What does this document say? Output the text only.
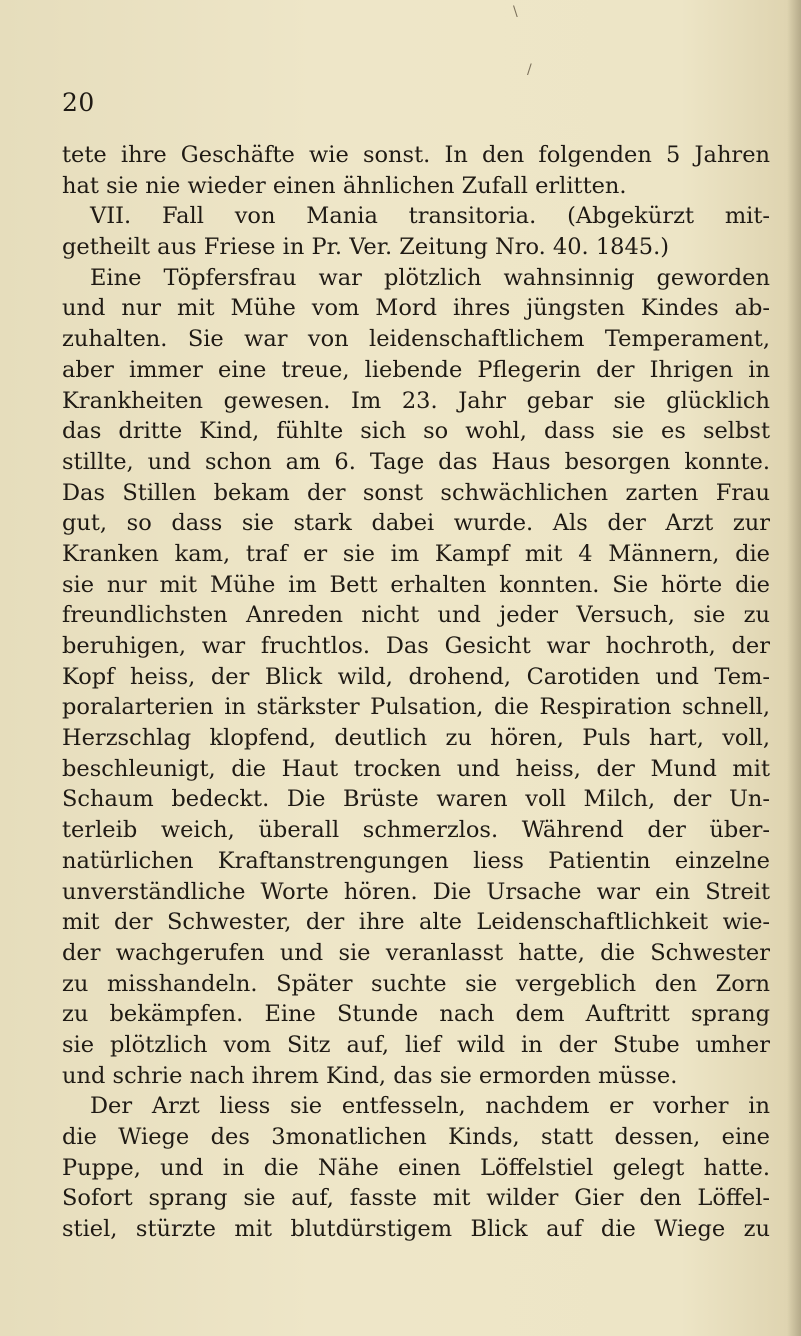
\
/
20
tete ihre Geschäfte wie sonst. In den folgenden 5 Jahren
hat sie nie wieder einen ähnlichen Zufall erlitten.
VII. Fall von Mania transitoria. (Abgekürzt mit-
getheilt aus Friese in Pr. Ver. Zeitung Nro. 40. 1845.)
Eine Töpfersfrau war plötzlich wahnsinnig geworden
und nur mit Mühe vom Mord ihres jüngsten Kindes ab-
zuhalten. Sie war von leidenschaftlichem Temperament,
aber immer eine treue, liebende Pflegerin der Ihrigen in
Krankheiten gewesen. Im 23. Jahr gebar sie glücklich
das dritte Kind, fühlte sich so wohl, dass sie es selbst
stillte, und schon am 6. Tage das Haus besorgen konnte.
Das Stillen bekam der sonst schwächlichen zarten Frau
gut, so dass sie stark dabei wurde. Als der Arzt zur
Kranken kam, traf er sie im Kampf mit 4 Männern, die
sie nur mit Mühe im Bett erhalten konnten. Sie hörte die
freundlichsten Anreden nicht und jeder Versuch, sie zu
beruhigen, war fruchtlos. Das Gesicht war hochroth, der
Kopf heiss, der Blick wild, drohend, Carotiden und Tem-
poralarterien in stärkster Pulsation, die Respiration schnell,
Herzschlag klopfend, deutlich zu hören, Puls hart, voll,
beschleunigt, die Haut trocken und heiss, der Mund mit
Schaum bedeckt. Die Brüste waren voll Milch, der Un-
terleib weich, überall schmerzlos. Während der über-
natürlichen Kraftanstrengungen liess Patientin einzelne
unverständliche Worte hören. Die Ursache war ein Streit
mit der Schwester, der ihre alte Leidenschaftlichkeit wie-
der wachgerufen und sie veranlasst hatte, die Schwester
zu misshandeln. Später suchte sie vergeblich den Zorn
zu bekämpfen. Eine Stunde nach dem Auftritt sprang
sie plötzlich vom Sitz auf, lief wild in der Stube umher
und schrie nach ihrem Kind, das sie ermorden müsse.
Der Arzt liess sie entfesseln, nachdem er vorher in
die Wiege des 3monatlichen Kinds, statt dessen, eine
Puppe, und in die Nähe einen Löffelstiel gelegt hatte.
Sofort sprang sie auf, fasste mit wilder Gier den Löffel-
stiel, stürzte mit blutdürstigem Blick auf die Wiege zu
